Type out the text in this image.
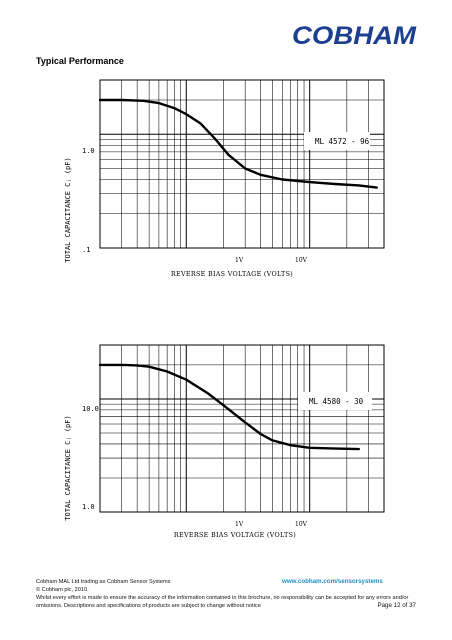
COBHAM
Typical Performance
ML 4572 - 96
1V	10V
1.0
.1
REVERSE BIAS VOLTAGE (VOLTS)
TOTAL CAPACITANCE Cⱼ (pF)
ML 4580 - 30
1V	10V
10.0
1.0
REVERSE BIAS VOLTAGE (VOLTS)
TOTAL CAPACITANCE Cⱼ (pF)
Cobham MAL Ltd trading as Cobham Sensor Systems	www.cobham.com/sensorsystems
© Cobham plc, 2010.
Whilst every effort is made to ensure the accuracy of the information contained in this brochure, no responsibility can be accepted for any errors and/or
omissions. Descriptions and specifications of products are subject to change without notice	Page 12 of 37
